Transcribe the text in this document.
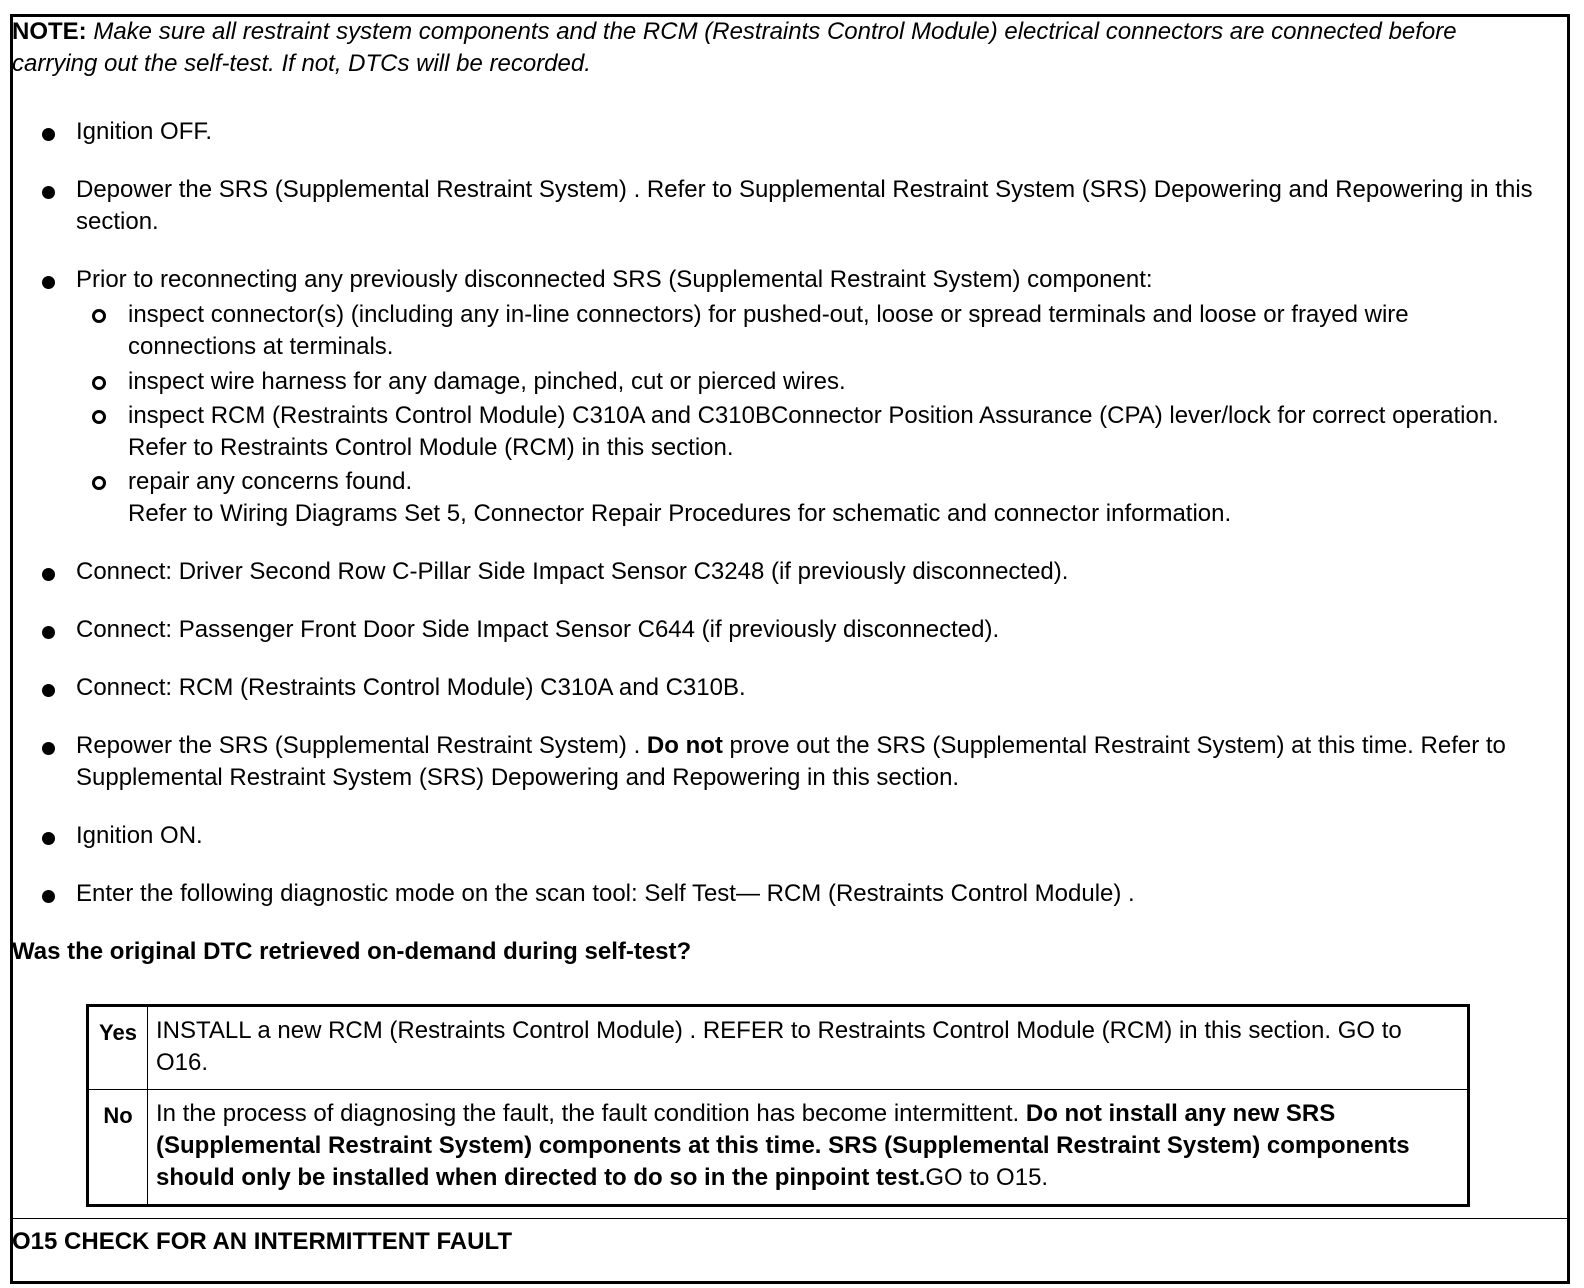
NOTE: Make sure all restraint system components and the RCM (Restraints Control Module) electrical connectors are connected before carrying out the self-test. If not, DTCs will be recorded.
Ignition OFF.
Depower the SRS (Supplemental Restraint System) . Refer to Supplemental Restraint System (SRS) Depowering and Repowering in this section.
Prior to reconnecting any previously disconnected SRS (Supplemental Restraint System) component:
inspect connector(s) (including any in-line connectors) for pushed-out, loose or spread terminals and loose or frayed wire connections at terminals.
inspect wire harness for any damage, pinched, cut or pierced wires.
inspect RCM (Restraints Control Module) C310A and C310BConnector Position Assurance (CPA) lever/lock for correct operation. Refer to Restraints Control Module (RCM) in this section.
repair any concerns found.
Refer to Wiring Diagrams Set 5, Connector Repair Procedures for schematic and connector information.
Connect: Driver Second Row C-Pillar Side Impact Sensor C3248 (if previously disconnected).
Connect: Passenger Front Door Side Impact Sensor C644 (if previously disconnected).
Connect: RCM (Restraints Control Module) C310A and C310B.
Repower the SRS (Supplemental Restraint System) . Do not prove out the SRS (Supplemental Restraint System) at this time. Refer to Supplemental Restraint System (SRS) Depowering and Repowering in this section.
Ignition ON.
Enter the following diagnostic mode on the scan tool: Self Test— RCM (Restraints Control Module) .
Was the original DTC retrieved on-demand during self-test?
Yes	INSTALL a new RCM (Restraints Control Module) . REFER to Restraints Control Module (RCM) in this section. GO to O16.
No	In the process of diagnosing the fault, the fault condition has become intermittent. Do not install any new SRS (Supplemental Restraint System) components at this time. SRS (Supplemental Restraint System) components should only be installed when directed to do so in the pinpoint test.GO to O15.
O15 CHECK FOR AN INTERMITTENT FAULT
